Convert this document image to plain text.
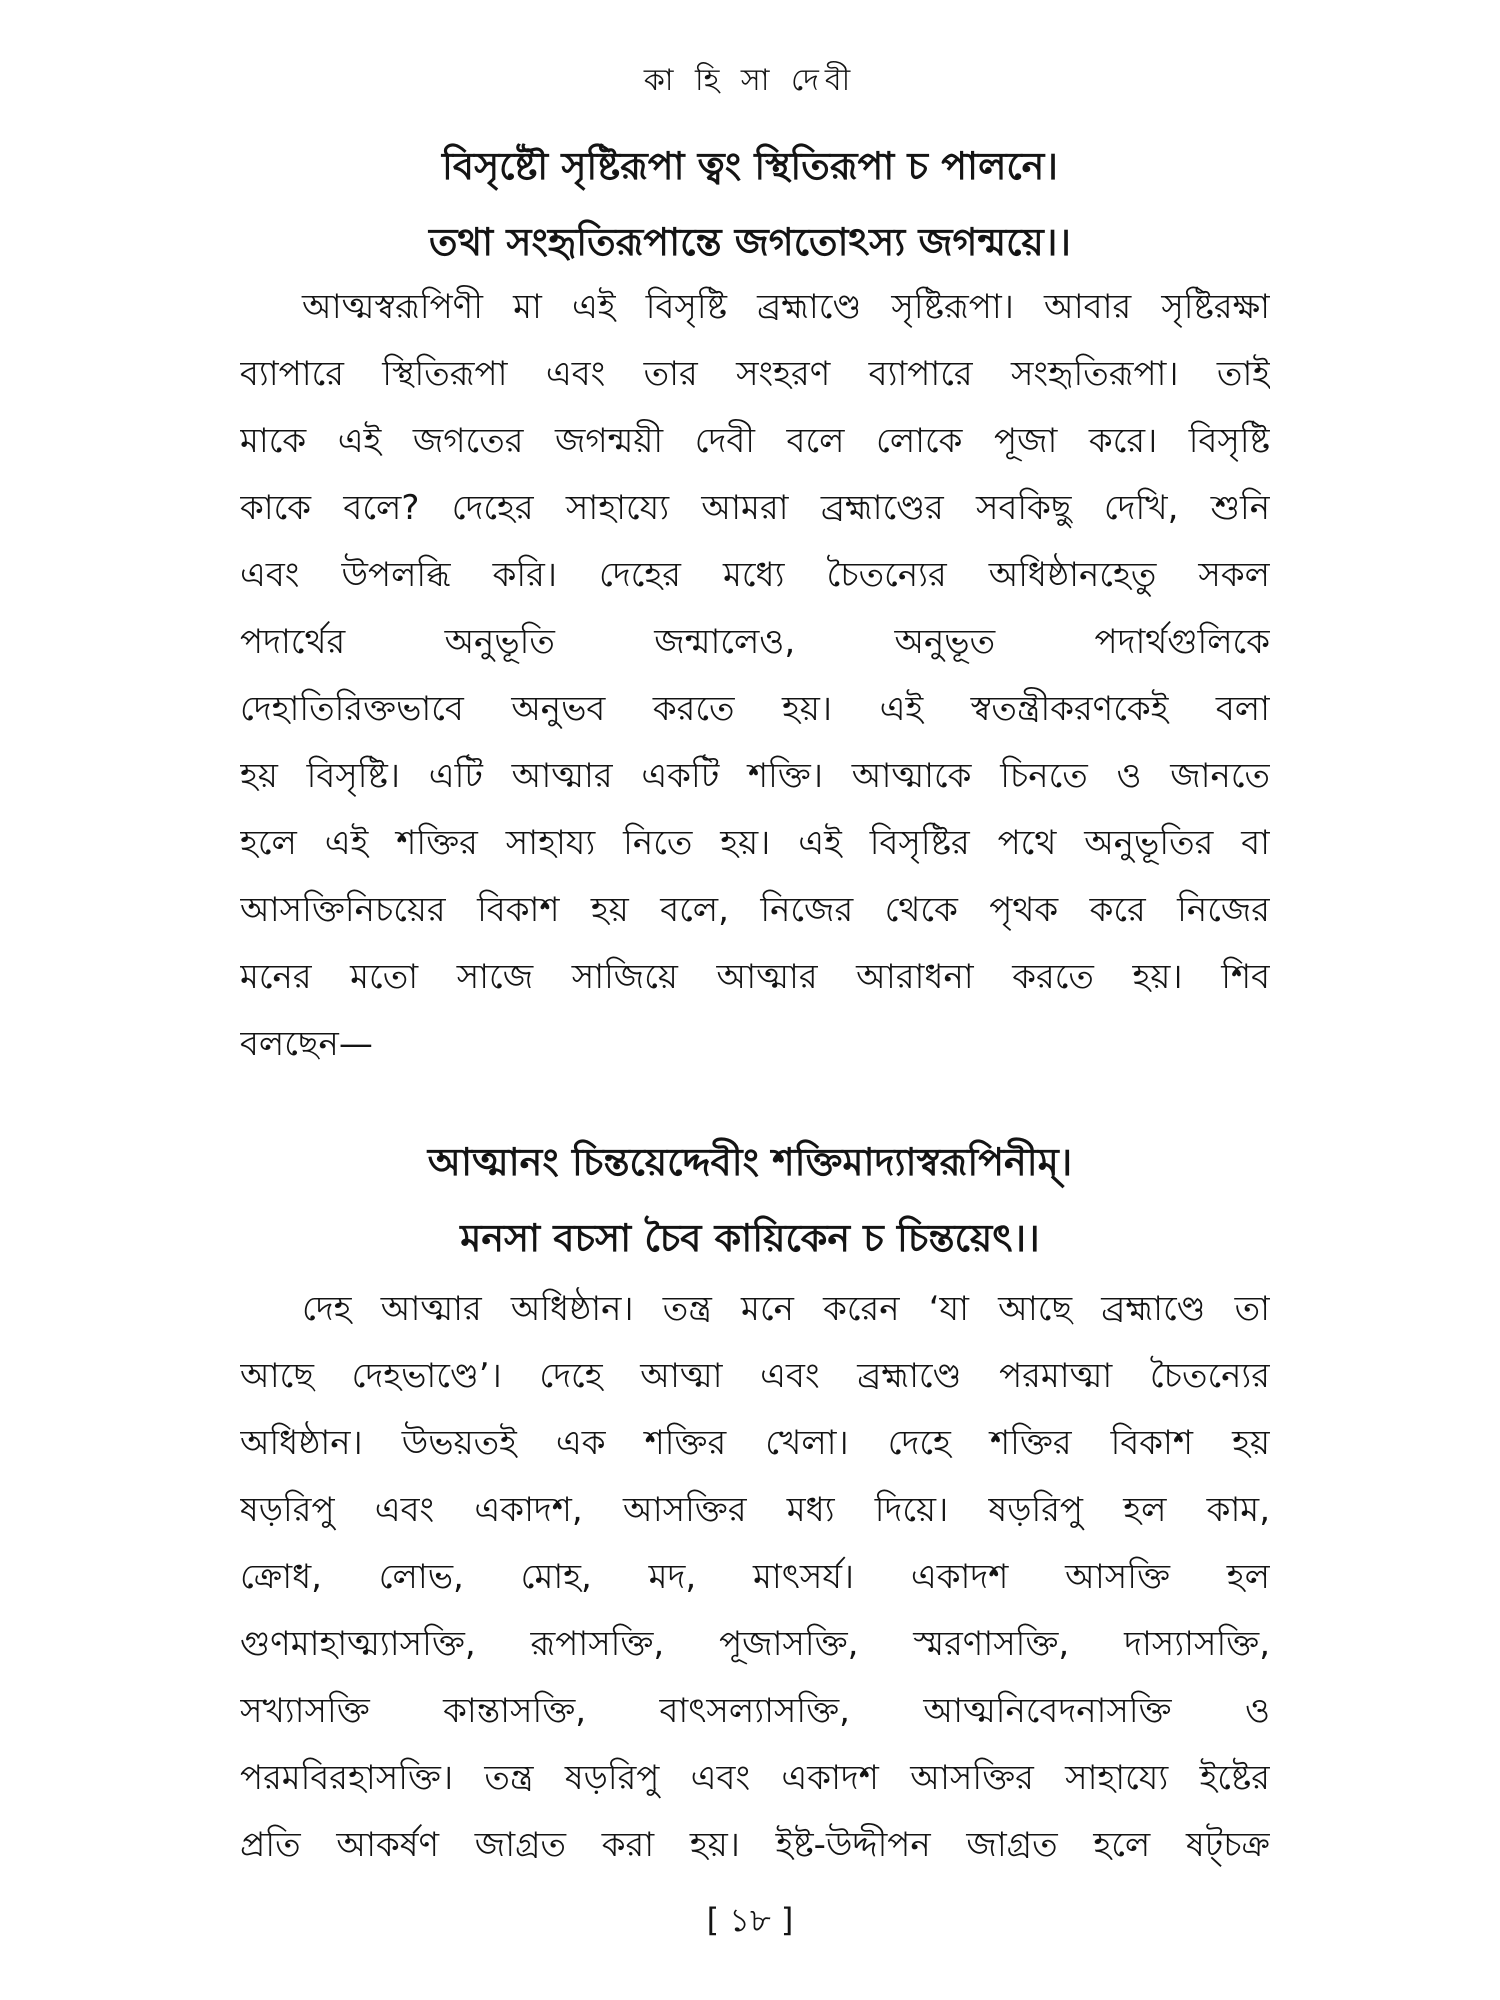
কা হি সা দেবী
বিসৃষ্টৌ সৃষ্টিরূপা ত্বং স্থিতিরূপা চ পালনে।
তথা সংহৃতিরূপান্তে জগতোঽস্য জগন্ময়ে।।
আত্মস্বরূপিণী মা এই বিসৃষ্টি ব্রহ্মাণ্ডে সৃষ্টিরূপা। আবার সৃষ্টিরক্ষা
ব্যাপারে স্থিতিরূপা এবং তার সংহরণ ব্যাপারে সংহৃতিরূপা। তাই
মাকে এই জগতের জগন্ময়ী দেবী বলে লোকে পূজা করে। বিসৃষ্টি
কাকে বলে? দেহের সাহায্যে আমরা ব্রহ্মাণ্ডের সবকিছু দেখি, শুনি
এবং উপলব্ধি করি। দেহের মধ্যে চৈতন্যের অধিষ্ঠানহেতু সকল
পদার্থের অনুভূতি জন্মালেও, অনুভূত পদার্থগুলিকে
দেহাতিরিক্তভাবে অনুভব করতে হয়। এই স্বতন্ত্রীকরণকেই বলা
হয় বিসৃষ্টি। এটি আত্মার একটি শক্তি। আত্মাকে চিনতে ও জানতে
হলে এই শক্তির সাহায্য নিতে হয়। এই বিসৃষ্টির পথে অনুভূতির বা
আসক্তিনিচয়ের বিকাশ হয় বলে, নিজের থেকে পৃথক করে নিজের
মনের মতো সাজে সাজিয়ে আত্মার আরাধনা করতে হয়। শিব
বলছেন—
আত্মানং চিন্তয়েদ্দেবীং শক্তিমাদ্যাস্বরূপিনীম্।
মনসা বচসা চৈব কায়িকেন চ চিন্তয়েৎ।।
দেহ আত্মার অধিষ্ঠান। তন্ত্র মনে করেন ‘যা আছে ব্রহ্মাণ্ডে তা
আছে দেহভাণ্ডে’। দেহে আত্মা এবং ব্রহ্মাণ্ডে পরমাত্মা চৈতন্যের
অধিষ্ঠান। উভয়তই এক শক্তির খেলা। দেহে শক্তির বিকাশ হয়
ষড়রিপু এবং একাদশ, আসক্তির মধ্য দিয়ে। ষড়রিপু হল কাম,
ক্রোধ, লোভ, মোহ, মদ, মাৎসর্য। একাদশ আসক্তি হল
গুণমাহাত্ম্যাসক্তি, রূপাসক্তি, পূজাসক্তি, স্মরণাসক্তি, দাস্যাসক্তি,
সখ্যাসক্তি কান্তাসক্তি, বাৎসল্যাসক্তি, আত্মনিবেদনাসক্তি ও
পরমবিরহাসক্তি। তন্ত্র ষড়রিপু এবং একাদশ আসক্তির সাহায্যে ইষ্টের
প্রতি আকর্ষণ জাগ্রত করা হয়। ইষ্ট-উদ্দীপন জাগ্রত হলে ষট্চক্র
[ ১৮ ]
